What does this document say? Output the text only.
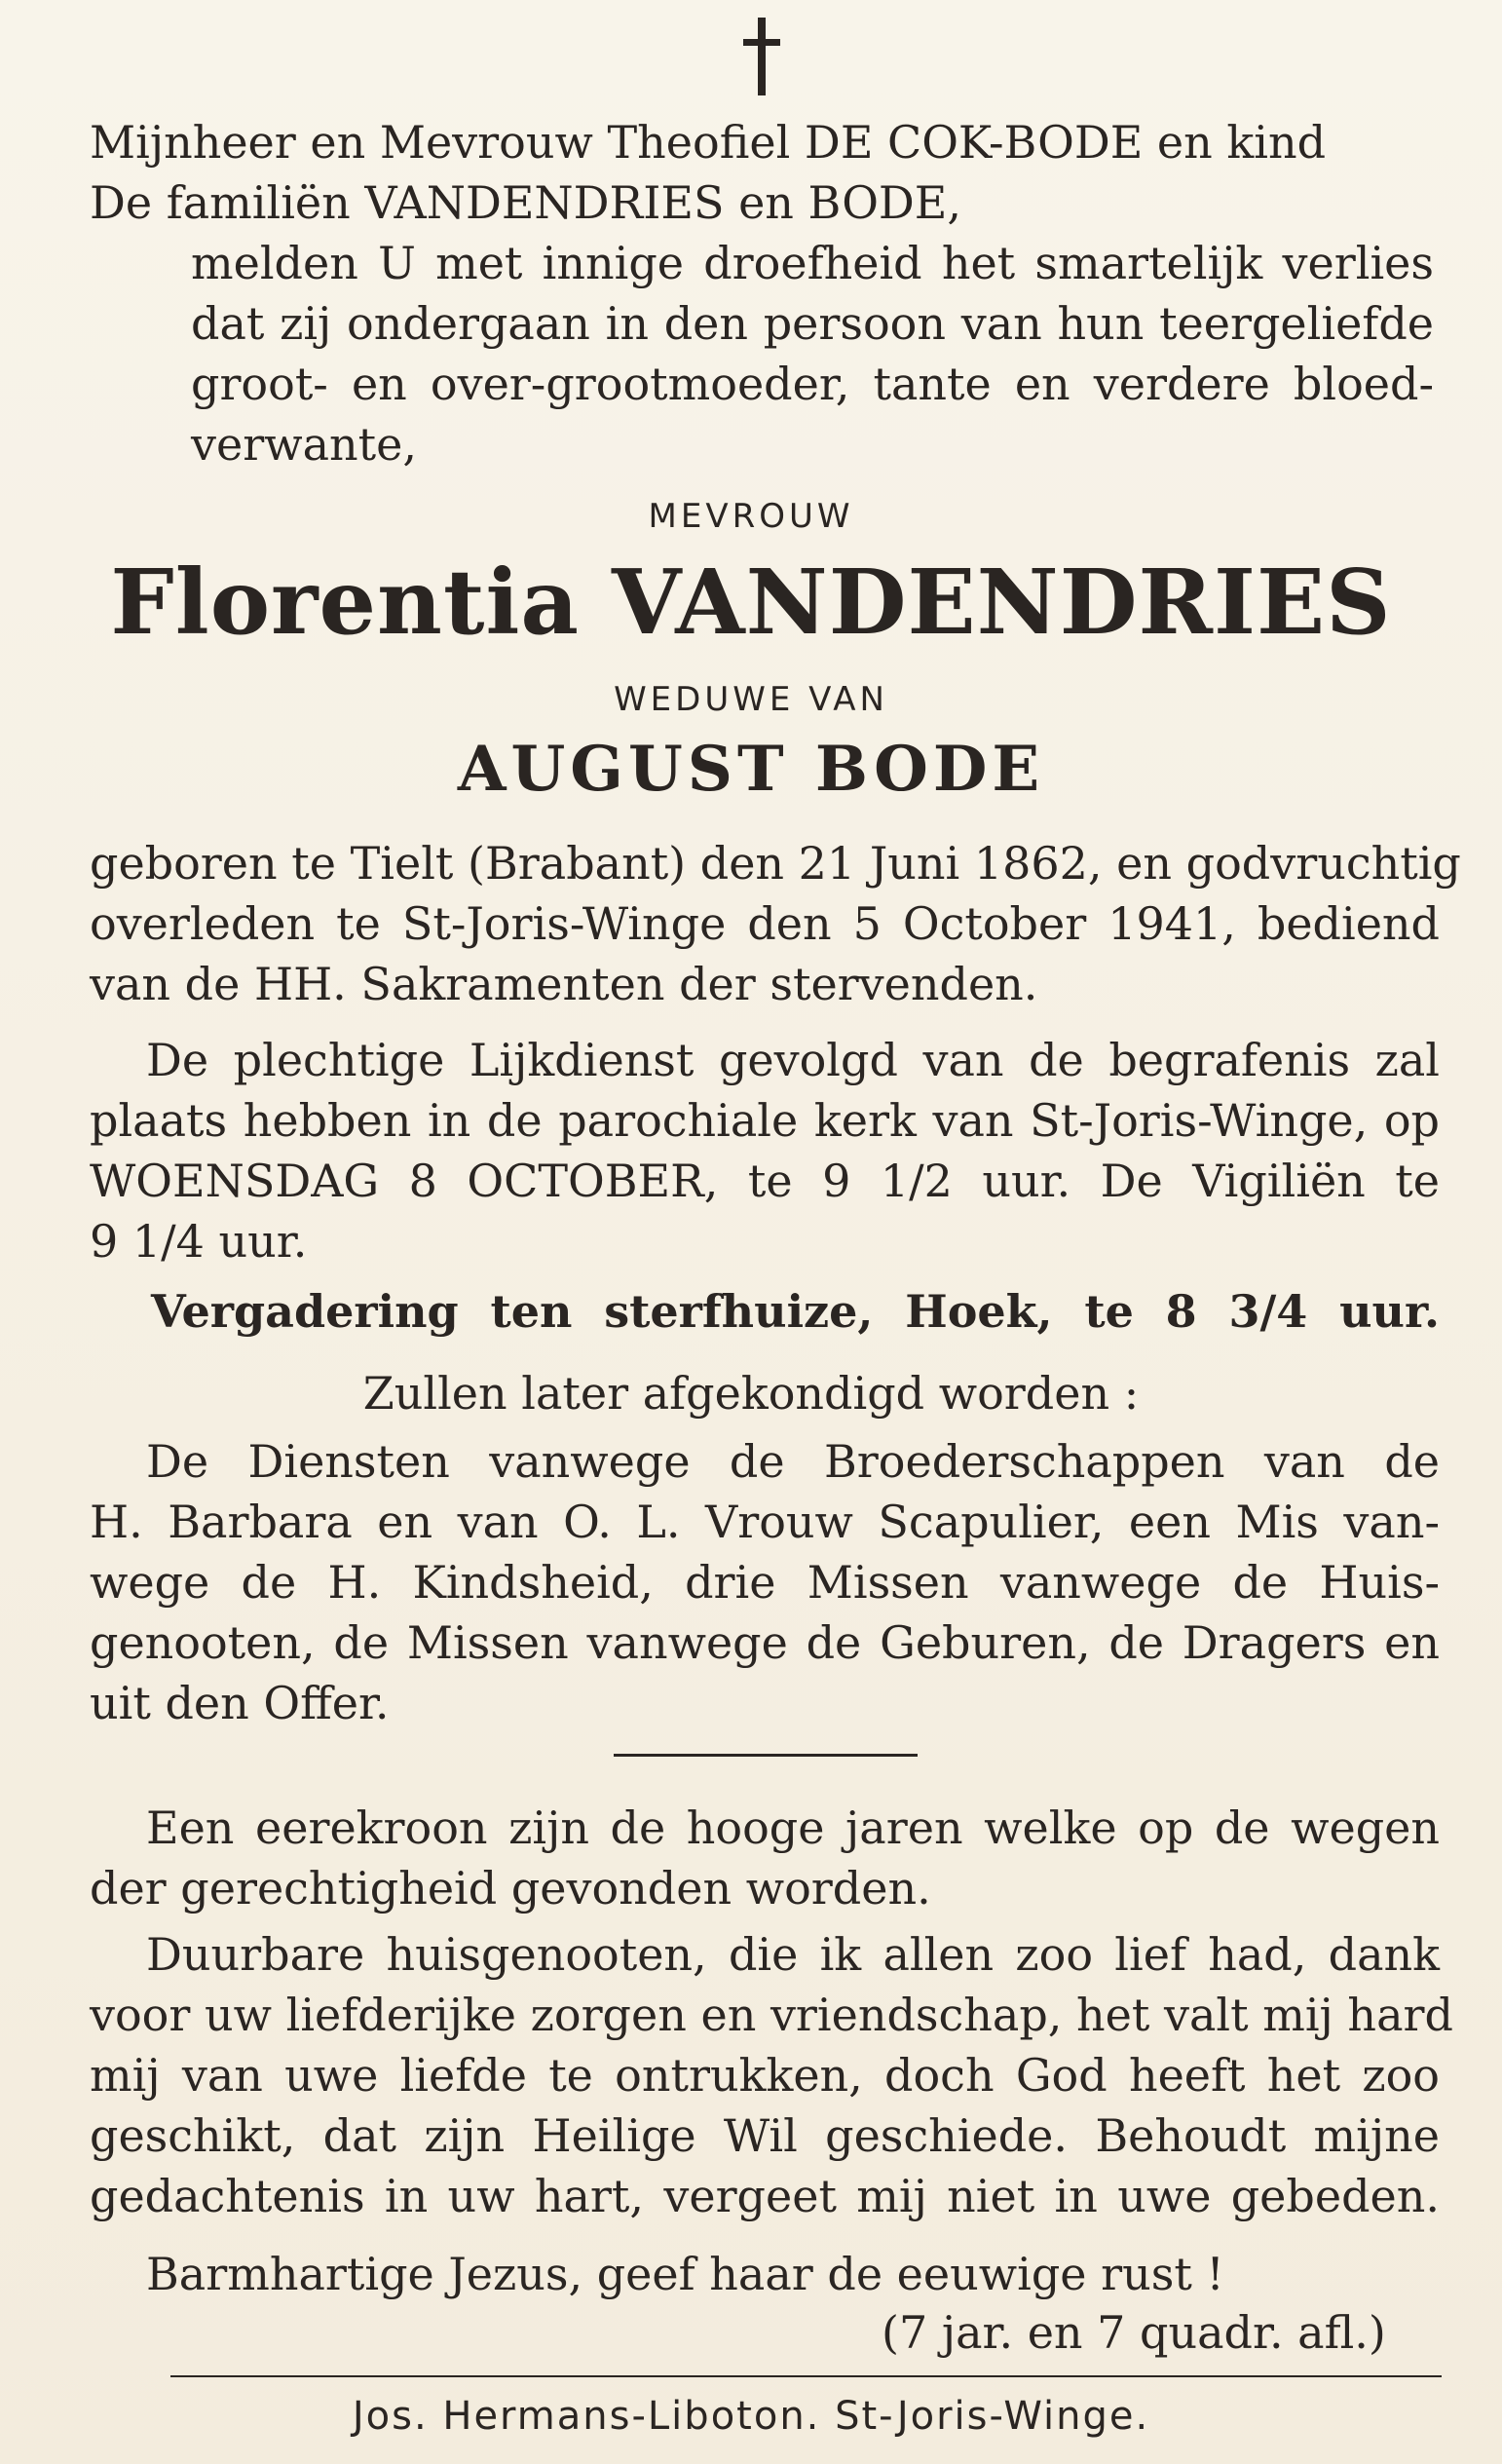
Mijnheer en Mevrouw Theofiel DE COK-BODE en kind
De familiën VANDENDRIES en BODE,
melden U met innige droefheid het smartelijk verlies
dat zij ondergaan in den persoon van hun teergeliefde
groot- en over-grootmoeder, tante en verdere bloed-
verwante,
MEVROUW
Florentia VANDENDRIES
WEDUWE VAN
AUGUST BODE
geboren te Tielt (Brabant) den 21 Juni 1862, en godvruchtig
overleden te St-Joris-Winge den 5 October 1941, bediend
van de HH. Sakramenten der stervenden.
De plechtige Lijkdienst gevolgd van de begrafenis zal
plaats hebben in de parochiale kerk van St-Joris-Winge, op
WOENSDAG 8 OCTOBER, te 9 1/2 uur. De Vigiliën te
9 1/4 uur.
Vergadering ten sterfhuize, Hoek, te 8 3/4 uur.
Zullen later afgekondigd worden :
De Diensten vanwege de Broederschappen van de
H. Barbara en van O. L. Vrouw Scapulier, een Mis van-
wege de H. Kindsheid, drie Missen vanwege de Huis-
genooten, de Missen vanwege de Geburen, de Dragers en
uit den Offer.
Een eerekroon zijn de hooge jaren welke op de wegen
der gerechtigheid gevonden worden.
Duurbare huisgenooten, die ik allen zoo lief had, dank
voor uw liefderijke zorgen en vriendschap, het valt mij hard
mij van uwe liefde te ontrukken, doch God heeft het zoo
geschikt, dat zijn Heilige Wil geschiede. Behoudt mijne
gedachtenis in uw hart, vergeet mij niet in uwe gebeden.
Barmhartige Jezus, geef haar de eeuwige rust !
(7 jar. en 7 quadr. afl.)
Jos. Hermans-Liboton. St-Joris-Winge.
